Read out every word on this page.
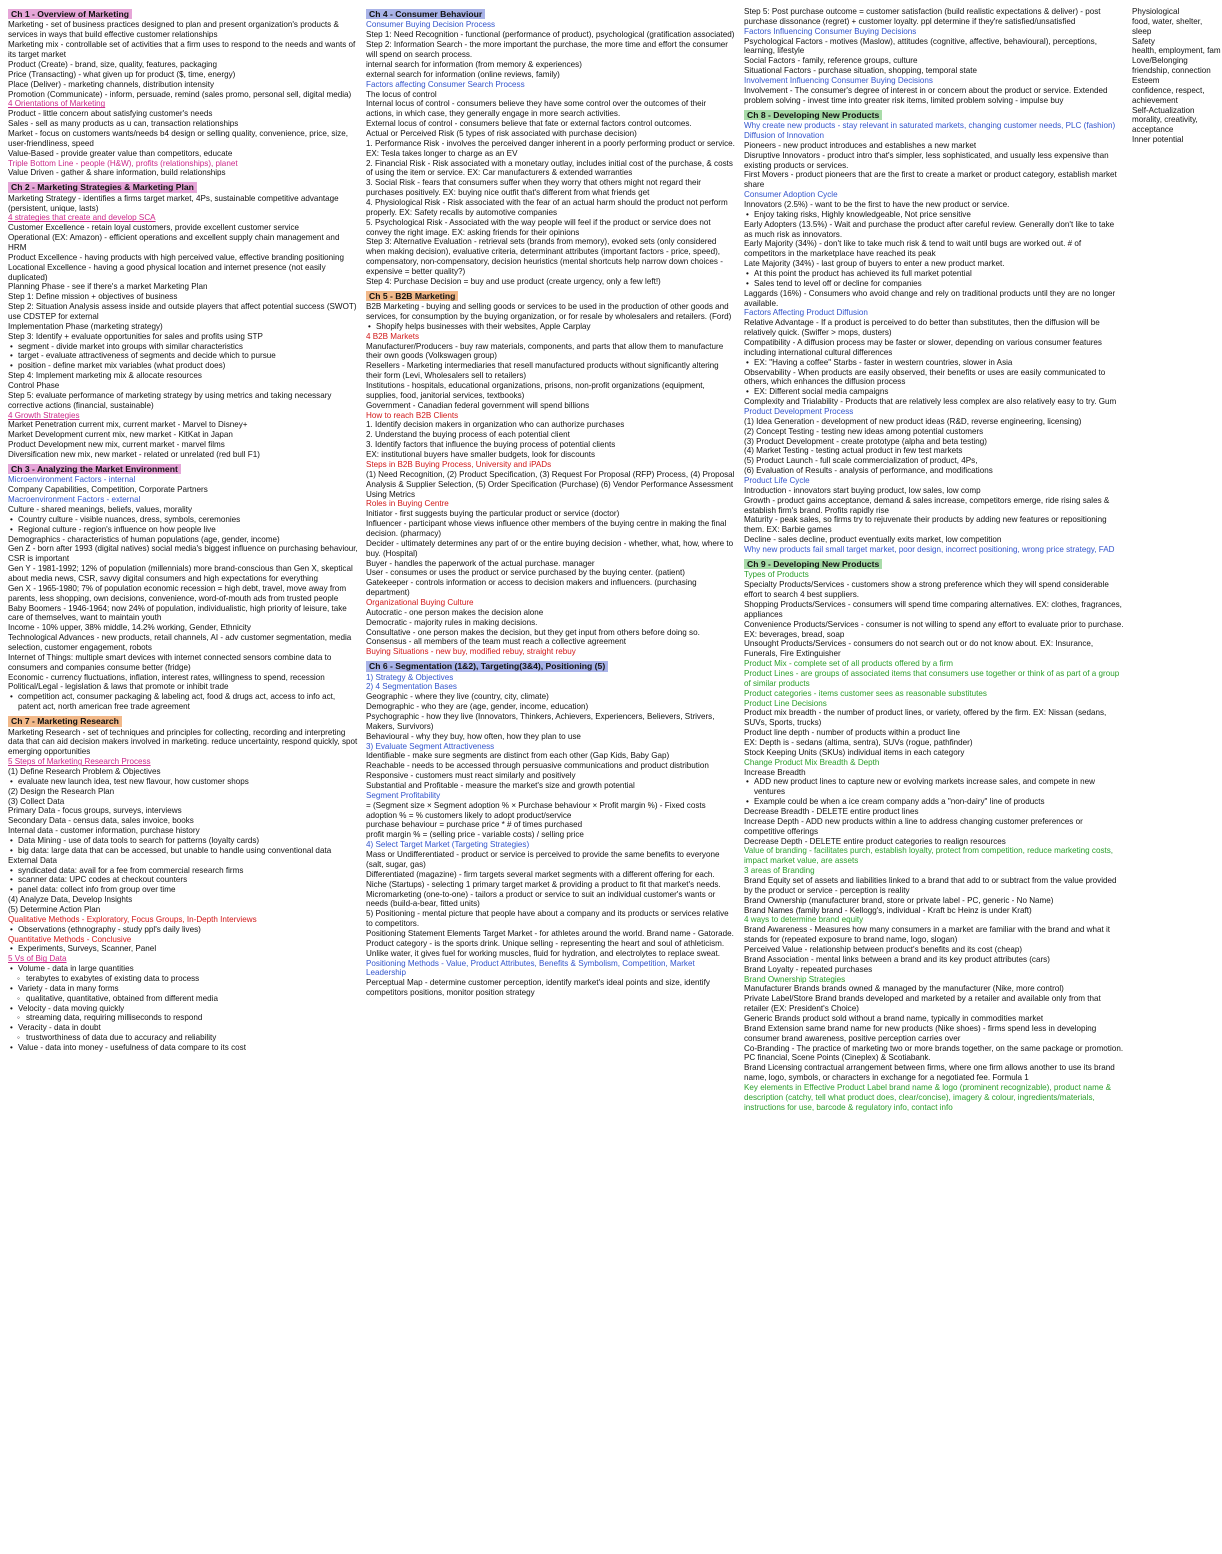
Ch 1 - Overview of Marketing
Marketing - set of business practices designed to plan and present organization's products & services in ways that build effective customer relationships
Marketing mix - controllable set of activities that a firm uses to respond to the needs and wants of its target market
Product (Create) - brand, size, quality, features, packaging
Price (Transacting) - what given up for product ($, time, energy)
Place (Deliver) - marketing channels, distribution intensity
Promotion (Communicate) - inform, persuade, remind (sales promo, personal sell, digital media)
4 Orientations of Marketing
Product - little concern about satisfying customer's needs
Sales - sell as many products as u can, transaction relationships
Market - focus on customers wants/needs b4 design or selling quality, convenience, price, size, user-friendliness, speed
Value-Based - provide greater value than competitors, educate
Triple Bottom Line - people (H&W), profits (relationships), planet
Value Driven - gather & share information, build relationships
Ch 2 - Marketing Strategies & Marketing Plan
Marketing Strategy - identifies a firms target market, 4Ps, sustainable competitive advantage (persistent, unique, lasts)
4 strategies that create and develop SCA
Customer Excellence - retain loyal customers, provide excellent customer service
Operational (EX: Amazon) - efficient operations and excellent supply chain management and HRM
Product Excellence - having products with high perceived value, effective branding positioning
Locational Excellence - having a good physical location and internet presence (not easily duplicated)
Planning Phase - see if there's a market Marketing Plan
Step 1: Define mission + objectives of business
Step 2: Situation Analysis assess inside and outside players that affect potential success (SWOT) use CDSTEP for external
Implementation Phase (marketing strategy)
Step 3: Identify + evaluate opportunities for sales and profits using STP
• segment - divide market into groups with similar characteristics
• target - evaluate attractiveness of segments and decide which to pursue
• position - define market mix variables (what product does)
Step 4: Implement marketing mix & allocate resources
Control Phase
Step 5: evaluate performance of marketing strategy by using metrics and taking necessary corrective actions (financial, sustainable)
4 Growth Strategies
Market Penetration current mix, current market - Marvel to Disney+
Market Development current mix, new market - KitKat in Japan
Product Development new mix, current market - marvel films
Diversification new mix, new market - related or unrelated (red bull F1)
Ch 3 - Analyzing the Market Environment
Microenvironment Factors - internal
Company Capabilities, Competition, Corporate Partners
Macroenvironment Factors - external
Culture - shared meanings, beliefs, values, morality
• Country culture - visible nuances, dress, symbols, ceremonies
• Regional culture - region's influence on how people live
Demographics - characteristics of human populations (age, gender, income)
Gen Z - born after 1993 (digital natives) social media's biggest influence on purchasing behaviour, CSR is important
Gen Y - 1981-1992; 12% of population (millennials) more brand-conscious than Gen X, skeptical about media news, CSR, savvy digital consumers and high expectations for everything
Gen X - 1965-1980; 7% of population economic recession = high debt, travel, move away from parents, less shopping, own decisions, convenience, word-of-mouth ads from trusted people
Baby Boomers - 1946-1964; now 24% of population, individualistic, high priority of leisure, take care of themselves, want to maintain youth
Income - 10% upper, 38% middle, 14.2% working, Gender, Ethnicity
Technological Advances - new products, retail channels, AI - adv customer segmentation, media selection, customer engagement, robots
Internet of Things: multiple smart devices with internet connected sensors combine data to consumers and companies consume better (fridge)
Economic - currency fluctuations, inflation, interest rates, willingness to spend, recession
Political/Legal - legislation & laws that promote or inhibit trade
• competition act, consumer packaging & labeling act, food & drugs act, access to info act, patent act, north american free trade agreement
Ch 7 - Marketing Research
Marketing Research - set of techniques and principles for collecting, recording and interpreting data that can aid decision makers involved in marketing. reduce uncertainty, respond quickly, spot emerging opportunities
5 Steps of Marketing Research Process
(1) Define Research Problem & Objectives
• evaluate new launch idea, test new flavour, how customer shops
(2) Design the Research Plan
(3) Collect Data
Primary Data - focus groups, surveys, interviews
Secondary Data - census data, sales invoice, books
Internal data - customer information, purchase history
• Data Mining - use of data tools to search for patterns (loyalty cards)
• big data: large data that can be accessed, but unable to handle using conventional data
External Data
• syndicated data: avail for a fee from commercial research firms
• scanner data: UPC codes at checkout counters
• panel data: collect info from group over time
(4) Analyze Data, Develop Insights
(5) Determine Action Plan
Qualitative Methods - Exploratory, Focus Groups, In-Depth Interviews
• Observations (ethnography - study ppl's daily lives)
Quantitative Methods - Conclusive
• Experiments, Surveys, Scanner, Panel
5 Vs of Big Data
• Volume - data in large quantities
◦ terabytes to exabytes of existing data to process
• Variety - data in many forms
◦ qualitative, quantitative, obtained from different media
• Velocity - data moving quickly
◦ streaming data, requiring milliseconds to respond
• Veracity - data in doubt
◦ trustworthiness of data due to accuracy and reliability
• Value - data into money - usefulness of data compare to its cost
Ch 4 - Consumer Behaviour
Consumer Buying Decision Process
Step 1: Need Recognition - functional (performance of product), psychological (gratification associated)
Step 2: Information Search - the more important the purchase, the more time and effort the consumer will spend on search process.
internal search for information (from memory & experiences)
external search for information (online reviews, family)
Factors affecting Consumer Search Process
The locus of control
Internal locus of control - consumers believe they have some control over the outcomes of their actions, in which case, they generally engage in more search activities.
External locus of control - consumers believe that fate or external factors control outcomes.
Actual or Perceived Risk (5 types of risk associated with purchase decision)
1. Performance Risk - involves the perceived danger inherent in a poorly performing product or service. EX: Tesla takes longer to charge as an EV
2. Financial Risk - Risk associated with a monetary outlay, includes initial cost of the purchase, & costs of using the item or service. EX: Car manufacturers & extended warranties
3. Social Risk - fears that consumers suffer when they worry that others might not regard their purchases positively. EX: buying nice outfit that's different from what friends get
4. Physiological Risk - Risk associated with the fear of an actual harm should the product not perform properly. EX: Safety recalls by automotive companies
5. Psychological Risk - Associated with the way people will feel if the product or service does not convey the right image. EX: asking friends for their opinions
Step 3: Alternative Evaluation - retrieval sets (brands from memory), evoked sets (only considered when making decision), evaluative criteria, determinant attributes (important factors - price, speed), compensatory, non-compensatory, decision heuristics (mental shortcuts help narrow down choices - expensive = better quality?)
Step 4: Purchase Decision = buy and use product (create urgency, only a few left!)
Ch 5 - B2B Marketing
B2B Marketing - buying and selling goods or services to be used in the production of other goods and services, for consumption by the buying organization, or for resale by wholesalers and retailers. (Ford)
• Shopify helps businesses with their websites, Apple Carplay
4 B2B Markets
Manufacturer/Producers - buy raw materials, components, and parts that allow them to manufacture their own goods (Volkswagen group)
Resellers - Marketing intermediaries that resell manufactured products without significantly altering their form (Levi, Wholesalers sell to retailers)
Institutions - hospitals, educational organizations, prisons, non-profit organizations (equipment, supplies, food, janitorial services, textbooks)
Government - Canadian federal government will spend billions
How to reach B2B Clients
1. Identify decision makers in organization who can authorize purchases
2. Understand the buying process of each potential client
3. Identify factors that influence the buying process of potential clients
EX: institutional buyers have smaller budgets, look for discounts
Steps in B2B Buying Process, University and iPADs
(1) Need Recognition, (2) Product Specification, (3) Request For Proposal (RFP) Process, (4) Proposal Analysis & Supplier Selection, (5) Order Specification (Purchase) (6) Vendor Performance Assessment Using Metrics
Roles in Buying Centre
Initiator - first suggests buying the particular product or service (doctor)
Influencer - participant whose views influence other members of the buying centre in making the final decision. (pharmacy)
Decider - ultimately determines any part of or the entire buying decision - whether, what, how, where to buy. (Hospital)
Buyer - handles the paperwork of the actual purchase. manager
User - consumes or uses the product or service purchased by the buying center. (patient)
Gatekeeper - controls information or access to decision makers and influencers. (purchasing department)
Organizational Buying Culture
Autocratic - one person makes the decision alone
Democratic - majority rules in making decisions.
Consultative - one person makes the decision, but they get input from others before doing so.
Consensus - all members of the team must reach a collective agreement
Buying Situations - new buy, modified rebuy, straight rebuy
Ch 6 - Segmentation (1&2), Targeting(3&4), Positioning (5)
1) Strategy & Objectives
2) 4 Segmentation Bases
Geographic - where they live (country, city, climate)
Demographic - who they are (age, gender, income, education)
Psychographic - how they live (Innovators, Thinkers, Achievers, Experiencers, Believers, Strivers, Makers, Survivors)
Behavioural - why they buy, how often, how they plan to use
3) Evaluate Segment Attractiveness
Identifiable - make sure segments are distinct from each other (Gap Kids, Baby Gap)
Reachable - needs to be accessed through persuasive communications and product distribution
Responsive - customers must react similarly and positively
Substantial and Profitable - measure the market's size and growth potential
Segment Profitability
= (Segment size × Segment adoption % × Purchase behaviour × Profit margin %) - Fixed costs
adoption % = % customers likely to adopt product/service
purchase behaviour = purchase price * # of times purchased
profit margin % = (selling price - variable costs) / selling price
4) Select Target Market (Targeting Strategies)
Mass or Undifferentiated - product or service is perceived to provide the same benefits to everyone (salt, sugar, gas)
Differentiated (magazine) - firm targets several market segments with a different offering for each.
Niche (Startups) - selecting 1 primary target market & providing a product to fit that market's needs.
Micromarketing (one-to-one) - tailors a product or service to suit an individual customer's wants or needs (build-a-bear, fitted units)
5) Positioning - mental picture that people have about a company and its products or services relative to competitors.
Positioning Statement Elements Target Market - for athletes around the world. Brand name - Gatorade. Product category - is the sports drink. Unique selling - representing the heart and soul of athleticism. Unlike water, it gives fuel for working muscles, fluid for hydration, and electrolytes to replace sweat.
Positioning Methods - Value, Product Attributes, Benefits & Symbolism, Competition, Market Leadership
Perceptual Map - determine customer perception, identify market's ideal points and size, identify competitors positions, monitor position strategy
Step 5: Post purchase outcome = customer satisfaction (build realistic expectations & deliver) - post purchase dissonance (regret) + customer loyalty. ppl determine if they're satisfied/unsatisfied
Factors Influencing Consumer Buying Decisions
Psychological Factors - motives (Maslow), attitudes (cognitive, affective, behavioural), perceptions, learning, lifestyle
Social Factors - family, reference groups, culture
Situational Factors - purchase situation, shopping, temporal state
Involvement Influencing Consumer Buying Decisions
Involvement - The consumer's degree of interest in or concern about the product or service. Extended problem solving - invest time into greater risk items, limited problem solving - impulse buy
Ch 8 - Developing New Products
Why create new products - stay relevant in saturated markets, changing customer needs, PLC (fashion)
Diffusion of Innovation
Pioneers - new product introduces and establishes a new market
Disruptive Innovators - product intro that's simpler, less sophisticated, and usually less expensive than existing products or services.
First Movers - product pioneers that are the first to create a market or product category, establish market share
Consumer Adoption Cycle
Innovators (2.5%) - want to be the first to have the new product or service.
• Enjoy taking risks, Highly knowledgeable, Not price sensitive
Early Adopters (13.5%) - Wait and purchase the product after careful review. Generally don't like to take as much risk as innovators.
Early Majority (34%) - don't like to take much risk & tend to wait until bugs are worked out. # of competitors in the marketplace have reached its peak
Late Majority (34%) - last group of buyers to enter a new product market.
• At this point the product has achieved its full market potential
• Sales tend to level off or decline for companies
Laggards (16%) - Consumers who avoid change and rely on traditional products until they are no longer available.
Factors Affecting Product Diffusion
Relative Advantage - If a product is perceived to do better than substitutes, then the diffusion will be relatively quick. (Swiffer > mops, dusters)
Compatibility - A diffusion process may be faster or slower, depending on various consumer features including international cultural differences
• EX: "Having a coffee" Starbs - faster in western countries, slower in Asia
Observability - When products are easily observed, their benefits or uses are easily communicated to others, which enhances the diffusion process
• EX: Different social media campaigns
Complexity and Trialability - Products that are relatively less complex are also relatively easy to try. Gum
Product Development Process
(1) Idea Generation - development of new product ideas (R&D, reverse engineering, licensing)
(2) Concept Testing - testing new ideas among potential customers
(3) Product Development - create prototype (alpha and beta testing)
(4) Market Testing - testing actual product in few test markets
(5) Product Launch - full scale commercialization of product, 4Ps,
(6) Evaluation of Results - analysis of performance, and modifications
Product Life Cycle
Introduction - innovators start buying product, low sales, low comp
Growth - product gains acceptance, demand & sales increase, competitors emerge, ride rising sales & establish firm's brand. Profits rapidly rise
Maturity - peak sales, so firms try to rejuvenate their products by adding new features or repositioning them. EX: Barbie games
Decline - sales decline, product eventually exits market, low competition
Why new products fail small target market, poor design, incorrect positioning, wrong price strategy, FAD
Ch 9 - Developing New Products
Types of Products
Specialty Products/Services - customers show a strong preference which they will spend considerable effort to search 4 best suppliers.
Shopping Products/Services - consumers will spend time comparing alternatives. EX: clothes, fragrances, appliances
Convenience Products/Services - consumer is not willing to spend any effort to evaluate prior to purchase. EX: beverages, bread, soap
Unsought Products/Services - consumers do not search out or do not know about. EX: Insurance, Funerals, Fire Extinguisher
Product Mix - complete set of all products offered by a firm
Product Lines - are groups of associated items that consumers use together or think of as part of a group of similar products
Product categories - items customer sees as reasonable substitutes
Product Line Decisions
Product mix breadth - the number of product lines, or variety, offered by the firm. EX: Nissan (sedans, SUVs, Sports, trucks)
Product line depth - number of products within a product line
EX: Depth is - sedans (altima, sentra), SUVs (rogue, pathfinder)
Stock Keeping Units (SKUs) individual items in each category
Change Product Mix Breadth & Depth
Increase Breadth
• ADD new product lines to capture new or evolving markets increase sales, and compete in new ventures
• Example could be when a ice cream company adds a "non-dairy" line of products
Decrease Breadth - DELETE entire product lines
Increase Depth - ADD new products within a line to address changing customer preferences or competitive offerings
Decrease Depth - DELETE entire product categories to realign resources
Value of branding - facilitates purch, establish loyalty, protect from competition, reduce marketing costs, impact market value, are assets
3 areas of Branding
Brand Equity set of assets and liabilities linked to a brand that add to or subtract from the value provided by the product or service - perception is reality
Brand Ownership (manufacturer brand, store or private label - PC, generic - No Name)
Brand Names (family brand - Kellogg's, individual - Kraft bc Heinz is under Kraft)
4 ways to determine brand equity
Brand Awareness - Measures how many consumers in a market are familiar with the brand and what it stands for (repeated exposure to brand name, logo, slogan)
Perceived Value - relationship between product's benefits and its cost (cheap)
Brand Association - mental links between a brand and its key product attributes (cars)
Brand Loyalty - repeated purchases
Brand Ownership Strategies
Manufacturer Brands brands owned & managed by the manufacturer (Nike, more control)
Private Label/Store Brand brands developed and marketed by a retailer and available only from that retailer (EX: President's Choice)
Generic Brands product sold without a brand name, typically in commodities market
Brand Extension same brand name for new products (Nike shoes) - firms spend less in developing consumer brand awareness, positive perception carries over
Co-Branding - The practice of marketing two or more brands together, on the same package or promotion. PC financial, Scene Points (Cineplex) & Scotiabank.
Brand Licensing contractual arrangement between firms, where one firm allows another to use its brand name, logo, symbols, or characters in exchange for a negotiated fee. Formula 1
Key elements in Effective Product Label brand name & logo (prominent recognizable), product name & description (catchy, tell what product does, clear/concise), imagery & colour, ingredients/materials, instructions for use, barcode & regulatory info, contact info
Physiological
food, water, shelter, sleep
Safety
health, employment, fam
Love/Belonging
friendship, connection
Esteem
confidence, respect, achievement
Self-Actualization
morality, creativity, acceptance
Inner potential
